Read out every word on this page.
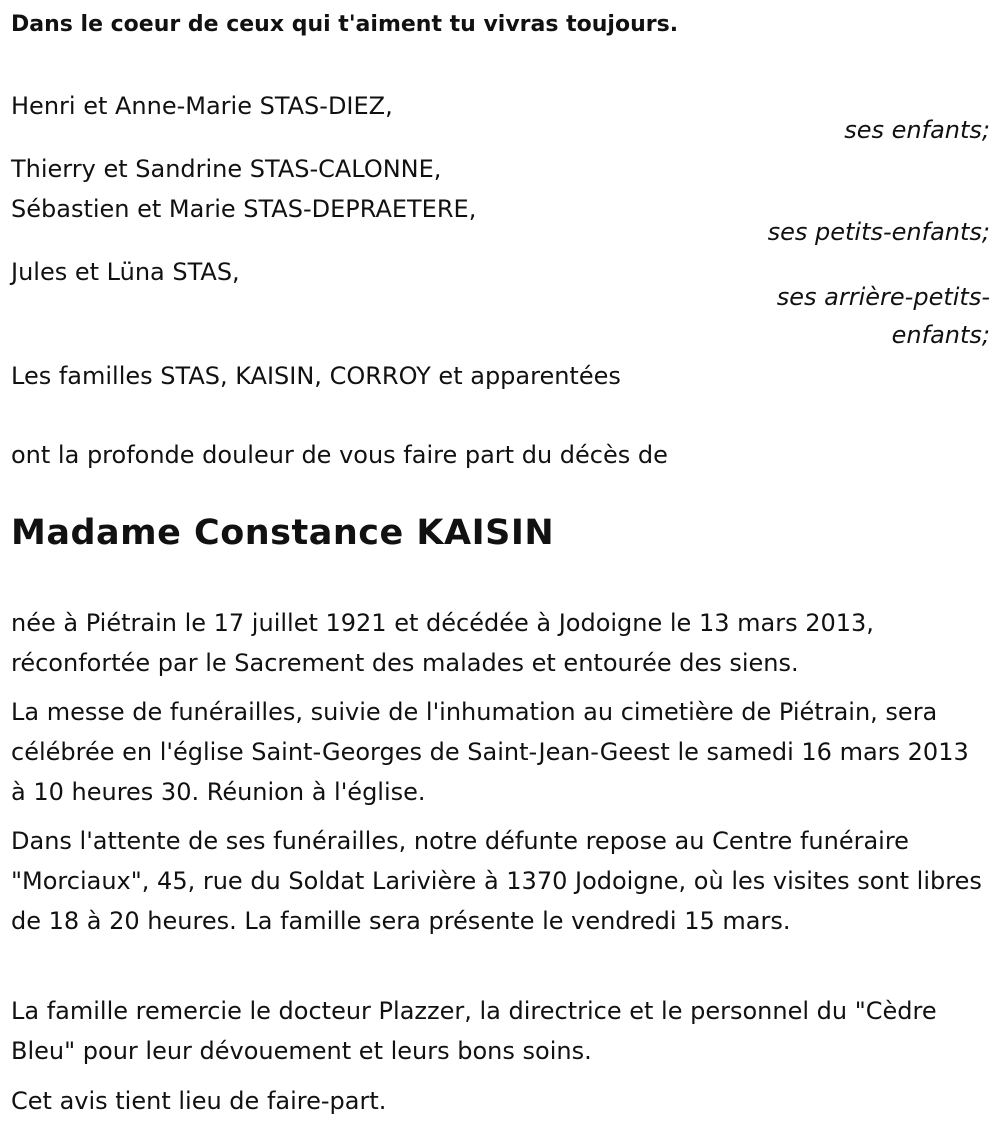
Dans le coeur de ceux qui t'aiment tu vivras toujours.
Henri et Anne-Marie STAS-DIEZ,
ses enfants;
Thierry et Sandrine STAS-CALONNE,
Sébastien et Marie STAS-DEPRAETERE,
ses petits-enfants;
Jules et Lüna STAS,
ses arrière-petits-
enfants;
Les familles STAS, KAISIN, CORROY et apparentées
ont la profonde douleur de vous faire part du décès de
Madame Constance KAISIN
née à Piétrain le 17 juillet 1921 et décédée à Jodoigne le 13 mars 2013, réconfortée par le Sacrement des malades et entourée des siens.
La messe de funérailles, suivie de l'inhumation au cimetière de Piétrain, sera célébrée en l'église Saint-Georges de Saint-Jean-Geest le samedi 16 mars 2013 à 10 heures 30. Réunion à l'église.
Dans l'attente de ses funérailles, notre défunte repose au Centre funéraire "Morciaux", 45, rue du Soldat Larivière à 1370 Jodoigne, où les visites sont libres de 18 à 20 heures. La famille sera présente le vendredi 15 mars.
La famille remercie le docteur Plazzer, la directrice et le personnel du "Cèdre Bleu" pour leur dévouement et leurs bons soins.
Cet avis tient lieu de faire-part.
